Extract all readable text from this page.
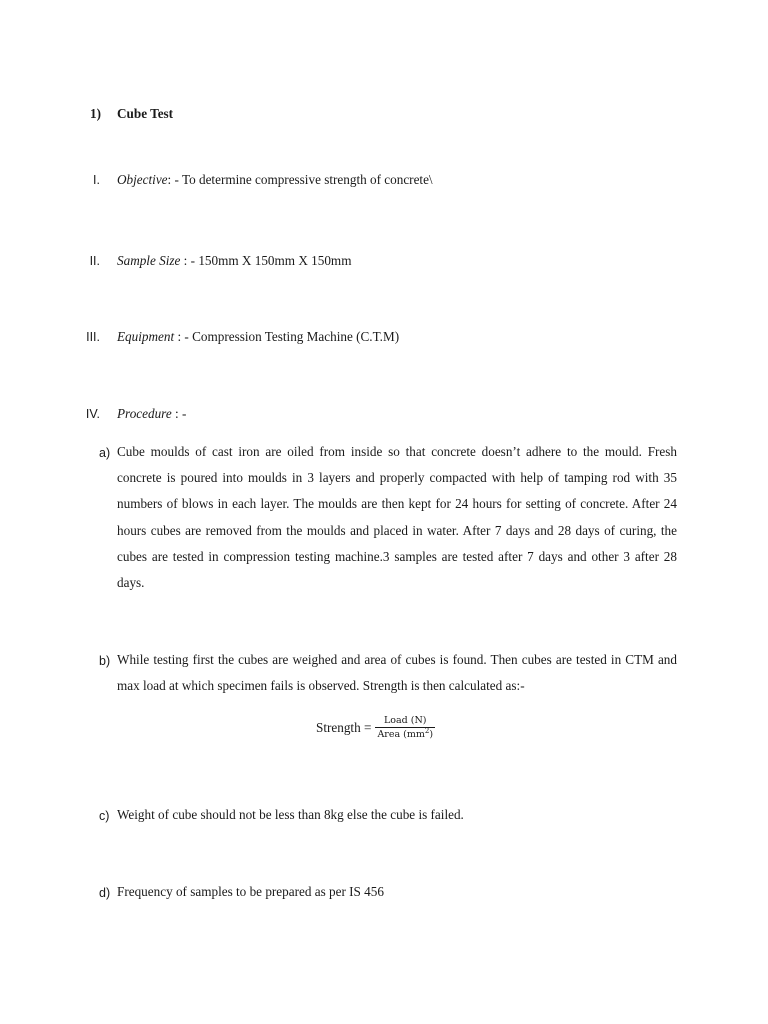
1) Cube Test
I. Objective: - To determine compressive strength of concrete\
II. Sample Size : - 150mm X 150mm X 150mm
III. Equipment : - Compression Testing Machine (C.T.M)
IV. Procedure : -
a) Cube moulds of cast iron are oiled from inside so that concrete doesn’t adhere to the mould. Fresh concrete is poured into moulds in 3 layers and properly compacted with help of tamping rod with 35 numbers of blows in each layer. The moulds are then kept for 24 hours for setting of concrete. After 24 hours cubes are removed from the moulds and placed in water. After 7 days and 28 days of curing, the cubes are tested in compression testing machine.3 samples are tested after 7 days and other 3 after 28 days.
b) While testing first the cubes are weighed and area of cubes is found. Then cubes are tested in CTM and max load at which specimen fails is observed. Strength is then calculated as:-
Strength = $\frac{\text{Load (N)}}{Area (mm^2)}$
c) Weight of cube should not be less than 8kg else the cube is failed.
d) Frequency of samples to be prepared as per IS 456
